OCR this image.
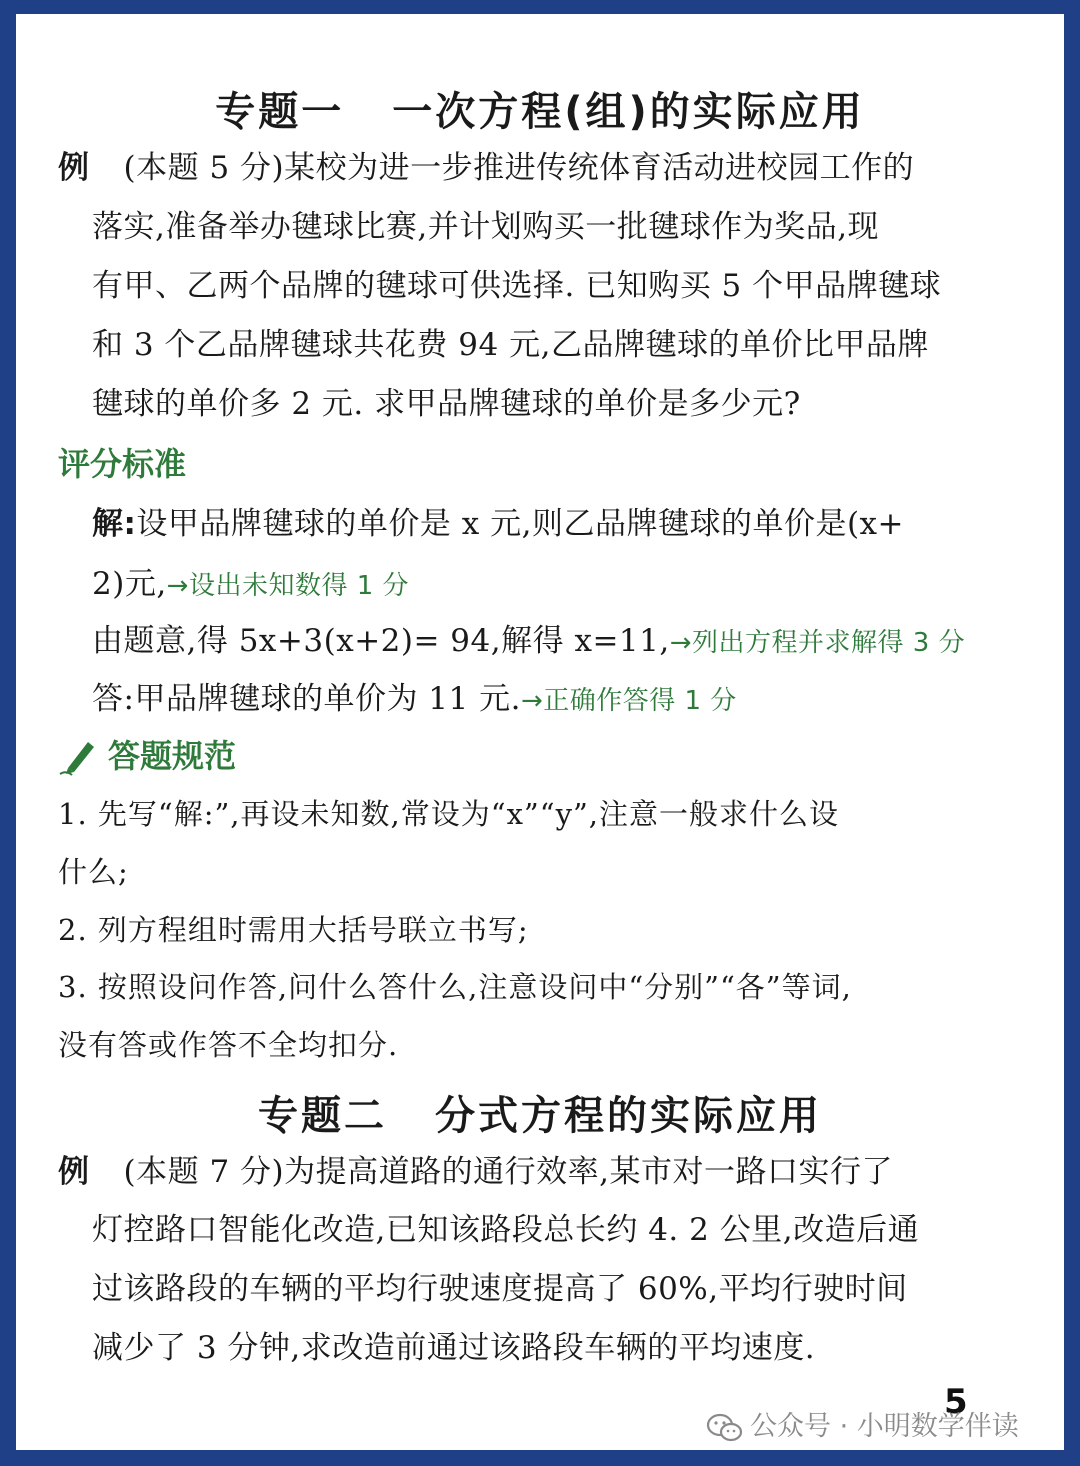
专题一 一次方程(组)的实际应用
例 (本题 5 分)某校为进一步推进传统体育活动进校园工作的
落实,准备举办毽球比赛,并计划购买一批毽球作为奖品,现
有甲、乙两个品牌的毽球可供选择. 已知购买 5 个甲品牌毽球
和 3 个乙品牌毽球共花费 94 元,乙品牌毽球的单价比甲品牌
毽球的单价多 2 元. 求甲品牌毽球的单价是多少元?
评分标准
解:设甲品牌毽球的单价是 x 元,则乙品牌毽球的单价是(x+
2)元,→设出未知数得 1 分
由题意,得 5x+3(x+2)= 94,解得 x=11,→列出方程并求解得 3 分
答:甲品牌毽球的单价为 11 元.→正确作答得 1 分
答题规范
1. 先写“解:”,再设未知数,常设为“x”“y”,注意一般求什么设
什么;
2. 列方程组时需用大括号联立书写;
3. 按照设问作答,问什么答什么,注意设问中“分别”“各”等词,
没有答或作答不全均扣分.
专题二 分式方程的实际应用
例 (本题 7 分)为提高道路的通行效率,某市对一路口实行了
灯控路口智能化改造,已知该路段总长约 4. 2 公里,改造后通
过该路段的车辆的平均行驶速度提高了 60%,平均行驶时间
减少了 3 分钟,求改造前通过该路段车辆的平均速度.
5
公众号 · 小明数学伴读
